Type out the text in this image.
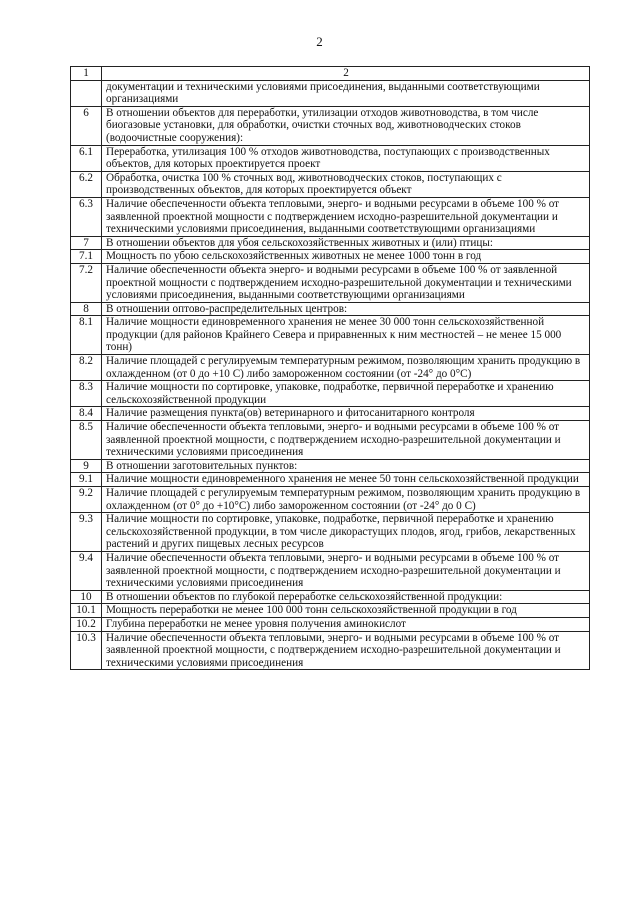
2
1	2
	документации и техническими условиями присоединения, выданными соответствующими организациями
6	В отношении объектов для переработки, утилизации отходов животноводства, в том числе биогазовые установки, для обработки, очистки сточных вод, животноводческих стоков (водоочистные сооружения):
6.1	Переработка, утилизация 100 % отходов животноводства, поступающих с производственных объектов, для которых проектируется проект
6.2	Обработка, очистка 100 % сточных вод, животноводческих стоков, поступающих с производственных объектов, для которых проектируется объект
6.3	Наличие обеспеченности объекта тепловыми, энерго- и водными ресурсами в объеме 100 % от заявленной проектной мощности с подтверждением исходно-разрешительной документации и техническими условиями присоединения, выданными соответствующими организациями
7	В отношении объектов для убоя сельскохозяйственных животных и (или) птицы:
7.1	Мощность по убою сельскохозяйственных животных не менее 1000 тонн в год
7.2	Наличие обеспеченности объекта энерго- и водными ресурсами в объеме 100 % от заявленной проектной мощности с подтверждением исходно-разрешительной документации и техническими условиями присоединения, выданными соответствующими организациями
8	В отношении оптово-распределительных центров:
8.1	Наличие мощности единовременного хранения не менее 30 000 тонн сельскохозяйственной продукции (для районов Крайнего Севера и приравненных к ним местностей – не менее 15 000 тонн)
8.2	Наличие площадей с регулируемым температурным режимом, позволяющим хранить продукцию в охлажденном (от 0 до +10 С) либо замороженном состоянии (от -24° до 0°С)
8.3	Наличие мощности по сортировке, упаковке, подработке, первичной переработке и хранению сельскохозяйственной продукции
8.4	Наличие размещения пункта(ов) ветеринарного и фитосанитарного контроля
8.5	Наличие обеспеченности объекта тепловыми, энерго- и водными ресурсами в объеме 100 % от заявленной проектной мощности, с подтверждением исходно-разрешительной документации и техническими условиями присоединения
9	В отношении заготовительных пунктов:
9.1	Наличие мощности единовременного хранения не менее 50 тонн сельскохозяйственной продукции
9.2	Наличие площадей с регулируемым температурным режимом, позволяющим хранить продукцию в охлажденном (от 0° до +10°С) либо замороженном состоянии (от -24° до 0 С)
9.3	Наличие мощности по сортировке, упаковке, подработке, первичной переработке и хранению сельскохозяйственной продукции, в том числе дикорастущих плодов, ягод, грибов, лекарственных растений и других пищевых лесных ресурсов
9.4	Наличие обеспеченности объекта тепловыми, энерго- и водными ресурсами в объеме 100 % от заявленной проектной мощности, с подтверждением исходно-разрешительной документации и техническими условиями присоединения
10	В отношении объектов по глубокой переработке сельскохозяйственной продукции:
10.1	Мощность переработки не менее 100 000 тонн сельскохозяйственной продукции в год
10.2	Глубина переработки не менее уровня получения аминокислот
10.3	Наличие обеспеченности объекта тепловыми, энерго- и водными ресурсами в объеме 100 % от заявленной проектной мощности, с подтверждением исходно-разрешительной документации и техническими условиями присоединения
